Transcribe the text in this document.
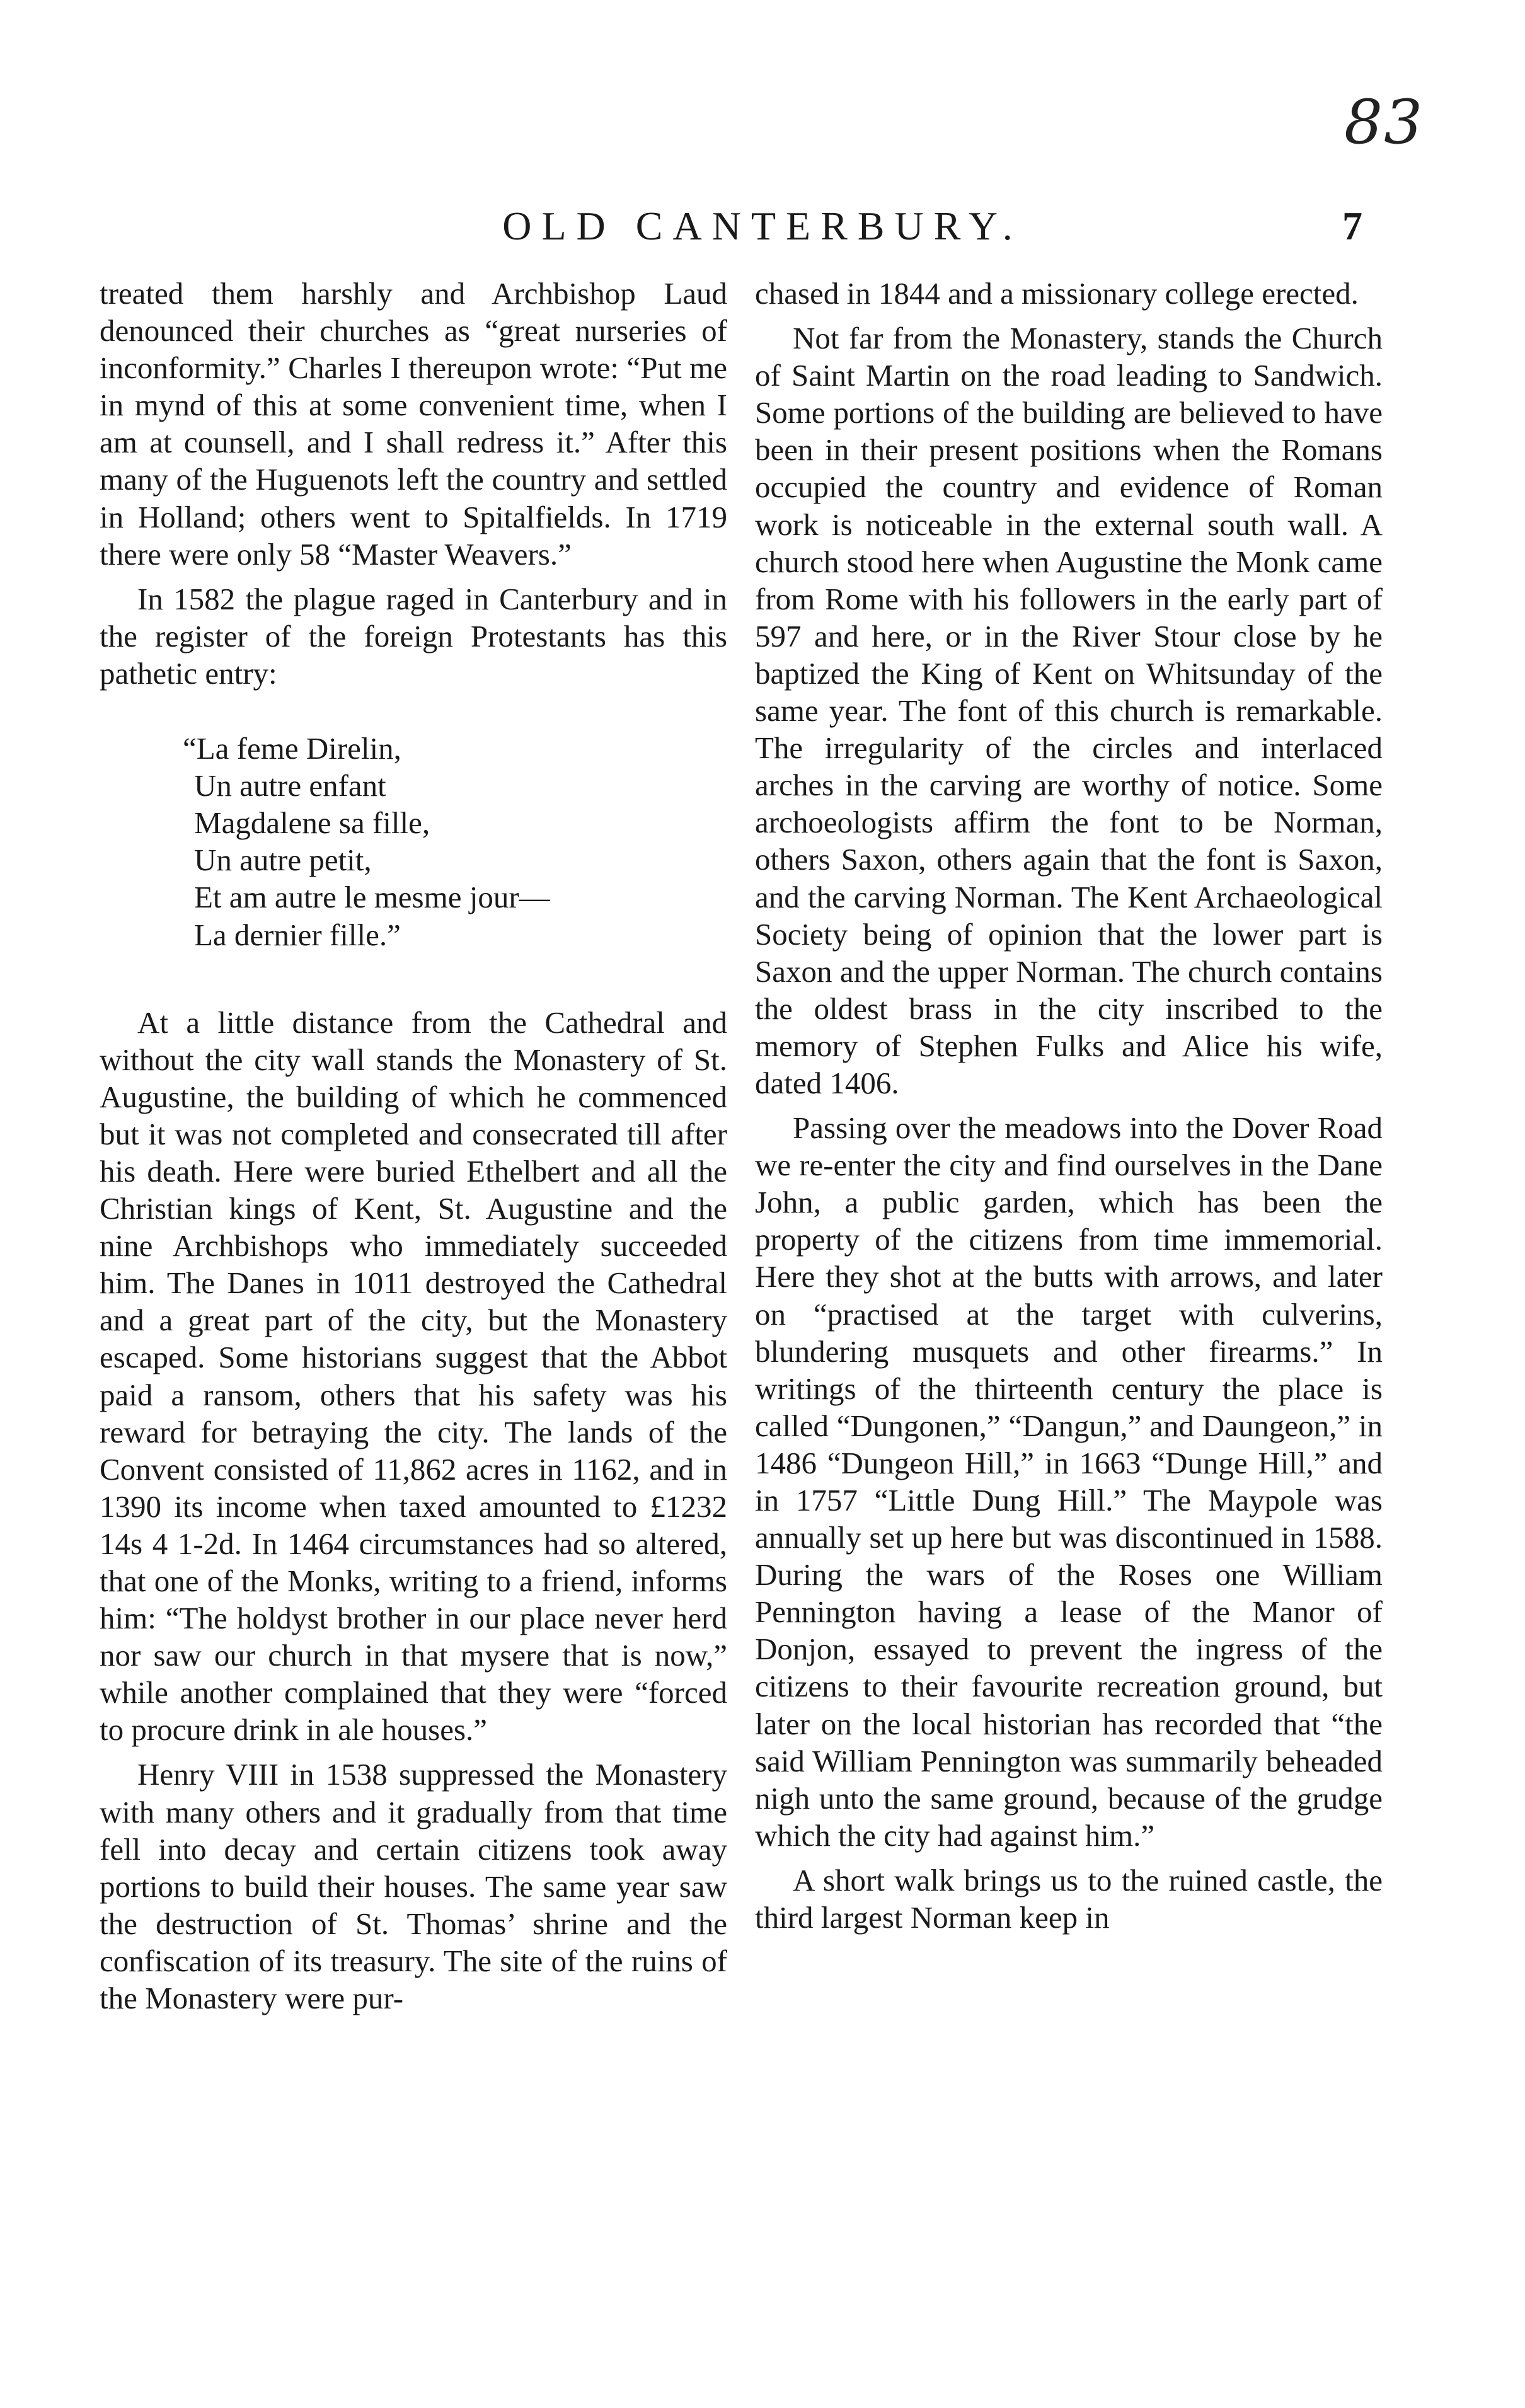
83
OLD CANTERBURY.	7

treated them harshly and Archbishop Laud denounced their churches as “great nurseries of inconformity.” Charles I thereupon wrote: “Put me in mynd of this at some convenient time, when I am at counsell, and I shall redress it.” After this many of the Huguenots left the country and settled in Holland; others went to Spitalfields. In 1719 there were only 58 “Master Weavers.”

In 1582 the plague raged in Canterbury and in the register of the foreign Protestants has this pathetic entry:

“La feme Direlin,
Un autre enfant
Magdalene sa fille,
Un autre petit,
Et am autre le mesme jour—
La dernier fille.”

At a little distance from the Cathedral and without the city wall stands the Monastery of St. Augustine, the building of which he commenced but it was not completed and consecrated till after his death. Here were buried Ethelbert and all the Christian kings of Kent, St. Augustine and the nine Archbishops who immediately succeeded him. The Danes in 1011 destroyed the Cathedral and a great part of the city, but the Monastery escaped. Some historians suggest that the Abbot paid a ransom, others that his safety was his reward for betraying the city. The lands of the Convent consisted of 11,862 acres in 1162, and in 1390 its income when taxed amounted to £1232 14s 4 1-2d. In 1464 circumstances had so altered, that one of the Monks, writing to a friend, informs him: “The holdyst brother in our place never herd nor saw our church in that mysere that is now,” while another complained that they were “forced to procure drink in ale houses.”

Henry VIII in 1538 suppressed the Monastery with many others and it gradually from that time fell into decay and certain citizens took away portions to build their houses. The same year saw the destruction of St. Thomas’ shrine and the confiscation of its treasury. The site of the ruins of the Monastery were pur-

chased in 1844 and a missionary college erected.

Not far from the Monastery, stands the Church of Saint Martin on the road leading to Sandwich. Some portions of the building are believed to have been in their present positions when the Romans occupied the country and evidence of Roman work is noticeable in the external south wall. A church stood here when Augustine the Monk came from Rome with his followers in the early part of 597 and here, or in the River Stour close by he baptized the King of Kent on Whitsunday of the same year. The font of this church is remarkable. The irregularity of the circles and interlaced arches in the carving are worthy of notice. Some archoeologists affirm the font to be Norman, others Saxon, others again that the font is Saxon, and the carving Norman. The Kent Archaeological Society being of opinion that the lower part is Saxon and the upper Norman. The church contains the oldest brass in the city inscribed to the memory of Stephen Fulks and Alice his wife, dated 1406.

Passing over the meadows into the Dover Road we re-enter the city and find ourselves in the Dane John, a public garden, which has been the property of the citizens from time immemorial. Here they shot at the butts with arrows, and later on “practised at the target with culverins, blundering musquets and other firearms.” In writings of the thirteenth century the place is called “Dungonen,” “Dangun,” and Daungeon,” in 1486 “Dungeon Hill,” in 1663 “Dunge Hill,” and in 1757 “Little Dung Hill.” The Maypole was annually set up here but was discontinued in 1588. During the wars of the Roses one William Pennington having a lease of the Manor of Donjon, essayed to prevent the ingress of the citizens to their favourite recreation ground, but later on the local historian has recorded that “the said William Pennington was summarily beheaded nigh unto the same ground, because of the grudge which the city had against him.”

A short walk brings us to the ruined castle, the third largest Norman keep in
